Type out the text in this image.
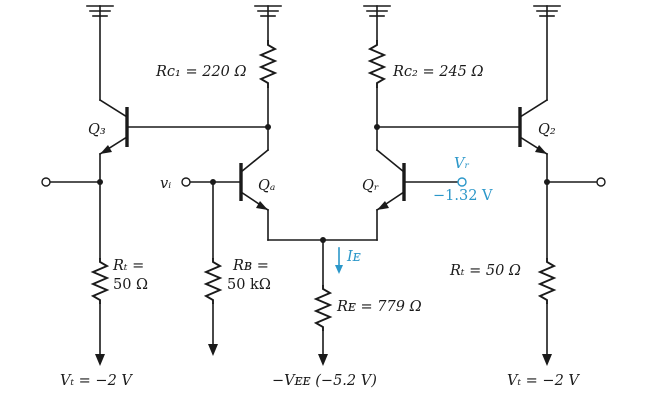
Rᴄ₁ = 220 Ω	Rᴄ₂ = 245 Ω
Q₃	Q₂
Qₐ	Qᵣ
vᵢ
Vᵣ
−1.32 V
Iᴇ
Rₜ =
50 Ω
Rʙ =
50 kΩ
Rᴇ = 779 Ω
Rₜ = 50 Ω
Vₜ = −2 V	−Vᴇᴇ (−5.2 V)	Vₜ = −2 V
